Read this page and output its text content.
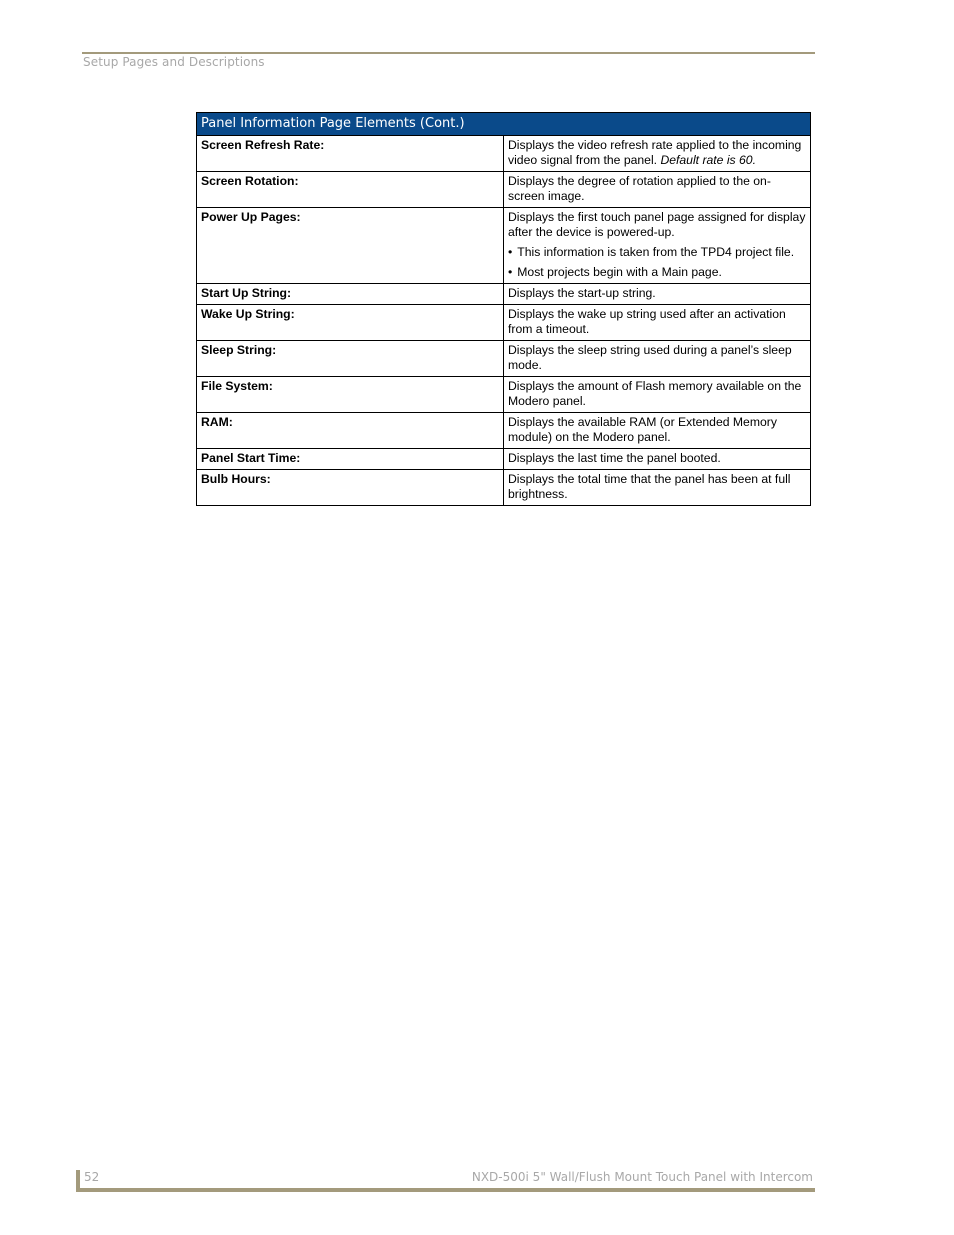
Setup Pages and Descriptions
Panel Information Page Elements (Cont.)	
Screen Refresh Rate:	Displays the video refresh rate applied to the incoming video signal from the panel. Default rate is 60.
Screen Rotation:	Displays the degree of rotation applied to the on-screen image.
Power Up Pages:	Displays the first touch panel page assigned for display after the device is powered-up.
• This information is taken from the TPD4 project file.
• Most projects begin with a Main page.

Start Up String:	Displays the start-up string.
Wake Up String:	Displays the wake up string used after an activation from a timeout.
Sleep String:	Displays the sleep string used during a panel’s sleep mode.
File System:	Displays the amount of Flash memory available on the Modero panel.
RAM:	Displays the available RAM (or Extended Memory module) on the Modero panel.
Panel Start Time:	Displays the last time the panel booted.
Bulb Hours:	Displays the total time that the panel has been at full brightness.
52	NXD-500i 5" Wall/Flush Mount Touch Panel with Intercom
